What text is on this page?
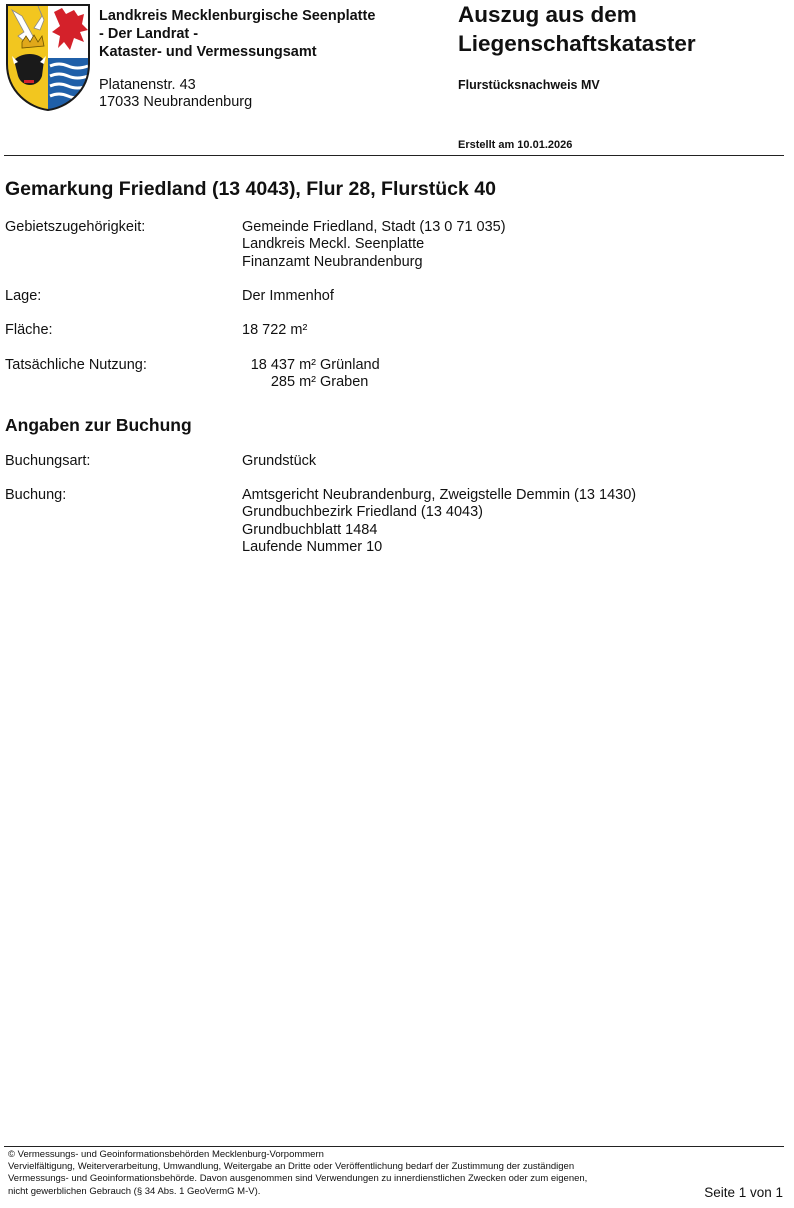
Landkreis Mecklenburgische Seenplatte
- Der Landrat -
Kataster- und Vermessungsamt
Platanenstr. 43
17033 Neubrandenburg
Auszug aus dem
Liegenschaftskataster
Flurstücksnachweis MV
Erstellt am 10.01.2026
Gemarkung Friedland (13 4043), Flur 28, Flurstück 40
Gebietszugehörigkeit:	Gemeinde Friedland, Stadt (13 0 71 035)
Landkreis Meckl. Seenplatte
Finanzamt Neubrandenburg
Lage:	Der Immenhof
Fläche:	18 722 m²
Tatsächliche Nutzung:	18 437 m² Grünland
285 m² Graben
Angaben zur Buchung
Buchungsart:	Grundstück
Buchung:	Amtsgericht Neubrandenburg, Zweigstelle Demmin (13 1430)
Grundbuchbezirk Friedland (13 4043)
Grundbuchblatt 1484
Laufende Nummer 10
© Vermessungs- und Geoinformationsbehörden Mecklenburg-Vorpommern
Vervielfältigung, Weiterverarbeitung, Umwandlung, Weitergabe an Dritte oder Veröffentlichung bedarf der Zustimmung der zuständigen
Vermessungs- und Geoinformationsbehörde. Davon ausgenommen sind Verwendungen zu innerdienstlichen Zwecken oder zum eigenen,
nicht gewerblichen Gebrauch (§ 34 Abs. 1 GeoVermG M-V).	Seite 1 von 1
